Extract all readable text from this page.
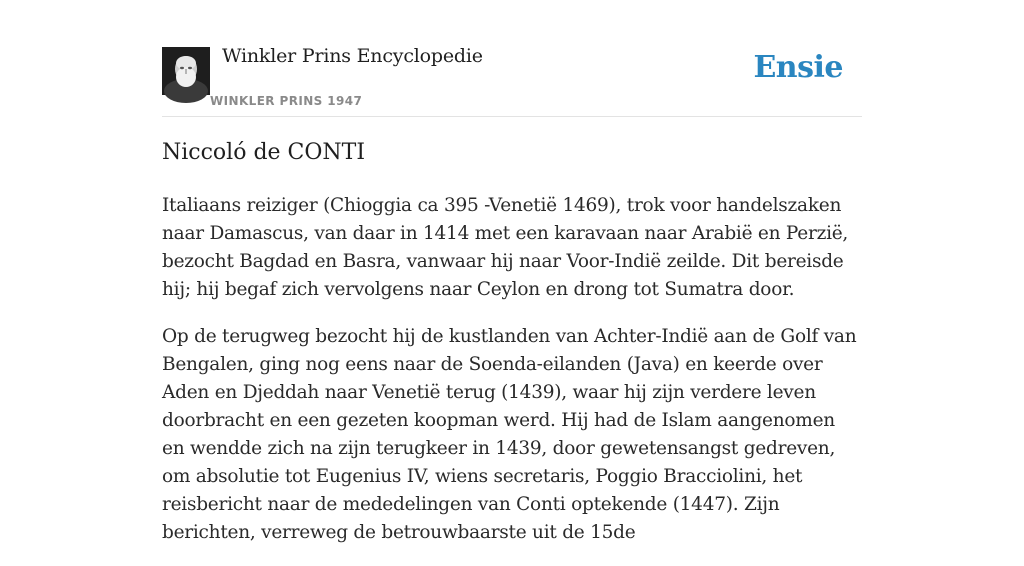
Winkler Prins Encyclopedie
WINKLER PRINS 1947
Ensie
Niccoló de CONTI

Italiaans reiziger (Chioggia ca 395 -Venetië 1469), trok voor handelszaken naar Damascus, van daar in 1414 met een karavaan naar Arabië en Perzië, bezocht Bagdad en Basra, vanwaar hij naar Voor-Indië zeilde. Dit bereisde hij; hij begaf zich vervolgens naar Ceylon en drong tot Sumatra door.

Op de terugweg bezocht hij de kustlanden van Achter-Indië aan de Golf van Bengalen, ging nog eens naar de Soenda-eilanden (Java) en keerde over Aden en Djeddah naar Venetië terug (1439), waar hij zijn verdere leven doorbracht en een gezeten koopman werd. Hij had de Islam aangenomen en wendde zich na zijn terugkeer in 1439, door gewetensangst gedreven, om absolutie tot Eugenius IV, wiens secretaris, Poggio Bracciolini, het reisbericht naar de mededelingen van Conti optekende (1447). Zijn berichten, verreweg de betrouwbaarste uit de 15de
